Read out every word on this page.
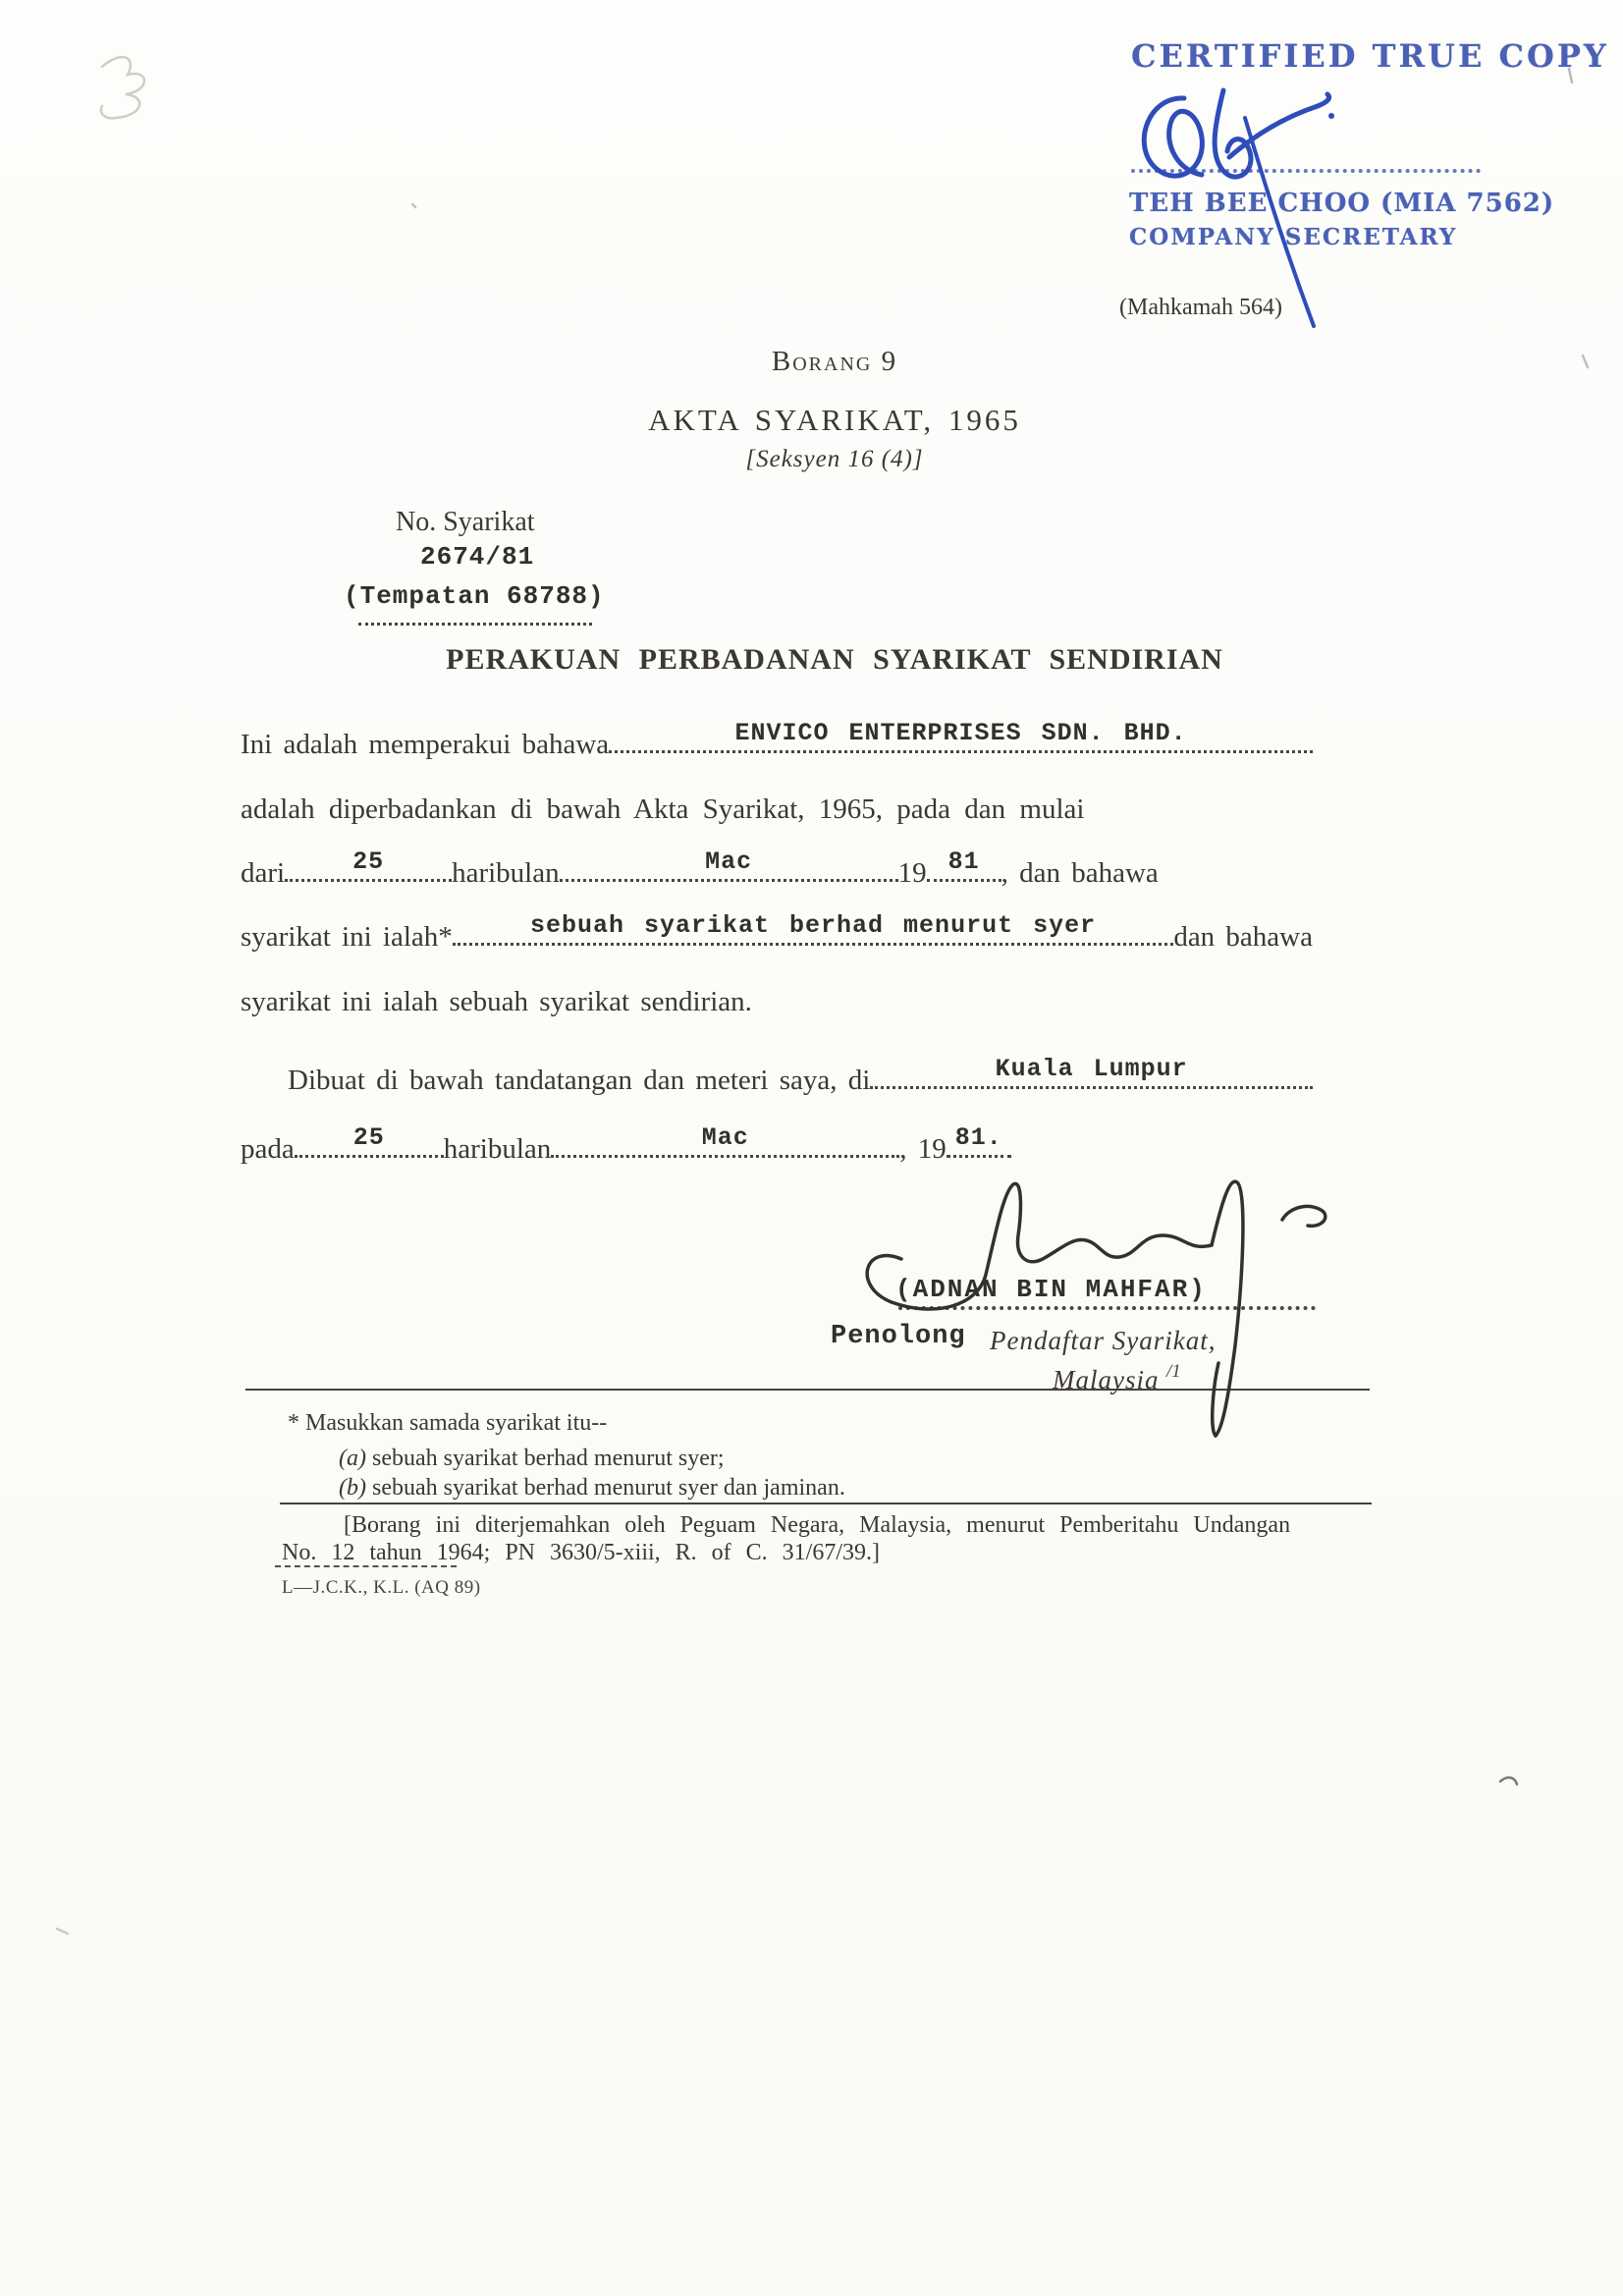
CERTIFIED TRUE COPY
TEH BEE CHOO (MIA 7562)
COMPANY SECRETARY
(Mahkamah 564)
Borang 9
AKTA SYARIKAT, 1965
[Seksyen 16 (4)]
No. Syarikat
2674/81
(Tempatan 68788)
PERAKUAN PERBADANAN SYARIKAT SENDIRIAN
Ini adalah memperakui bahawa	ENVICO ENTERPRISES SDN. BHD.
adalah diperbadankan di bawah Akta Syarikat, 1965, pada dan mulai
dari	25 haribulan	Mac	19 81 , dan bahawa
syarikat ini ialah*	sebuah syarikat berhad menurut syer	dan bahawa
syarikat ini ialah sebuah syarikat sendirian.
Dibuat di bawah tandatangan dan meteri saya, di	Kuala Lumpur
pada 25 haribulan	Mac	, 19 81.
(ADNAN BIN MAHFAR)
Penolong Pendaftar Syarikat,
Malaysia /1
* Masukkan samada syarikat itu--
(a) sebuah syarikat berhad menurut syer;
(b) sebuah syarikat berhad menurut syer dan jaminan.
[Borang ini diterjemahkan oleh Peguam Negara, Malaysia, menurut Pemberitahu Undangan
No. 12 tahun 1964; PN 3630/5-xiii, R. of C. 31/67/39.]
L—J.C.K., K.L. (AQ 89)
